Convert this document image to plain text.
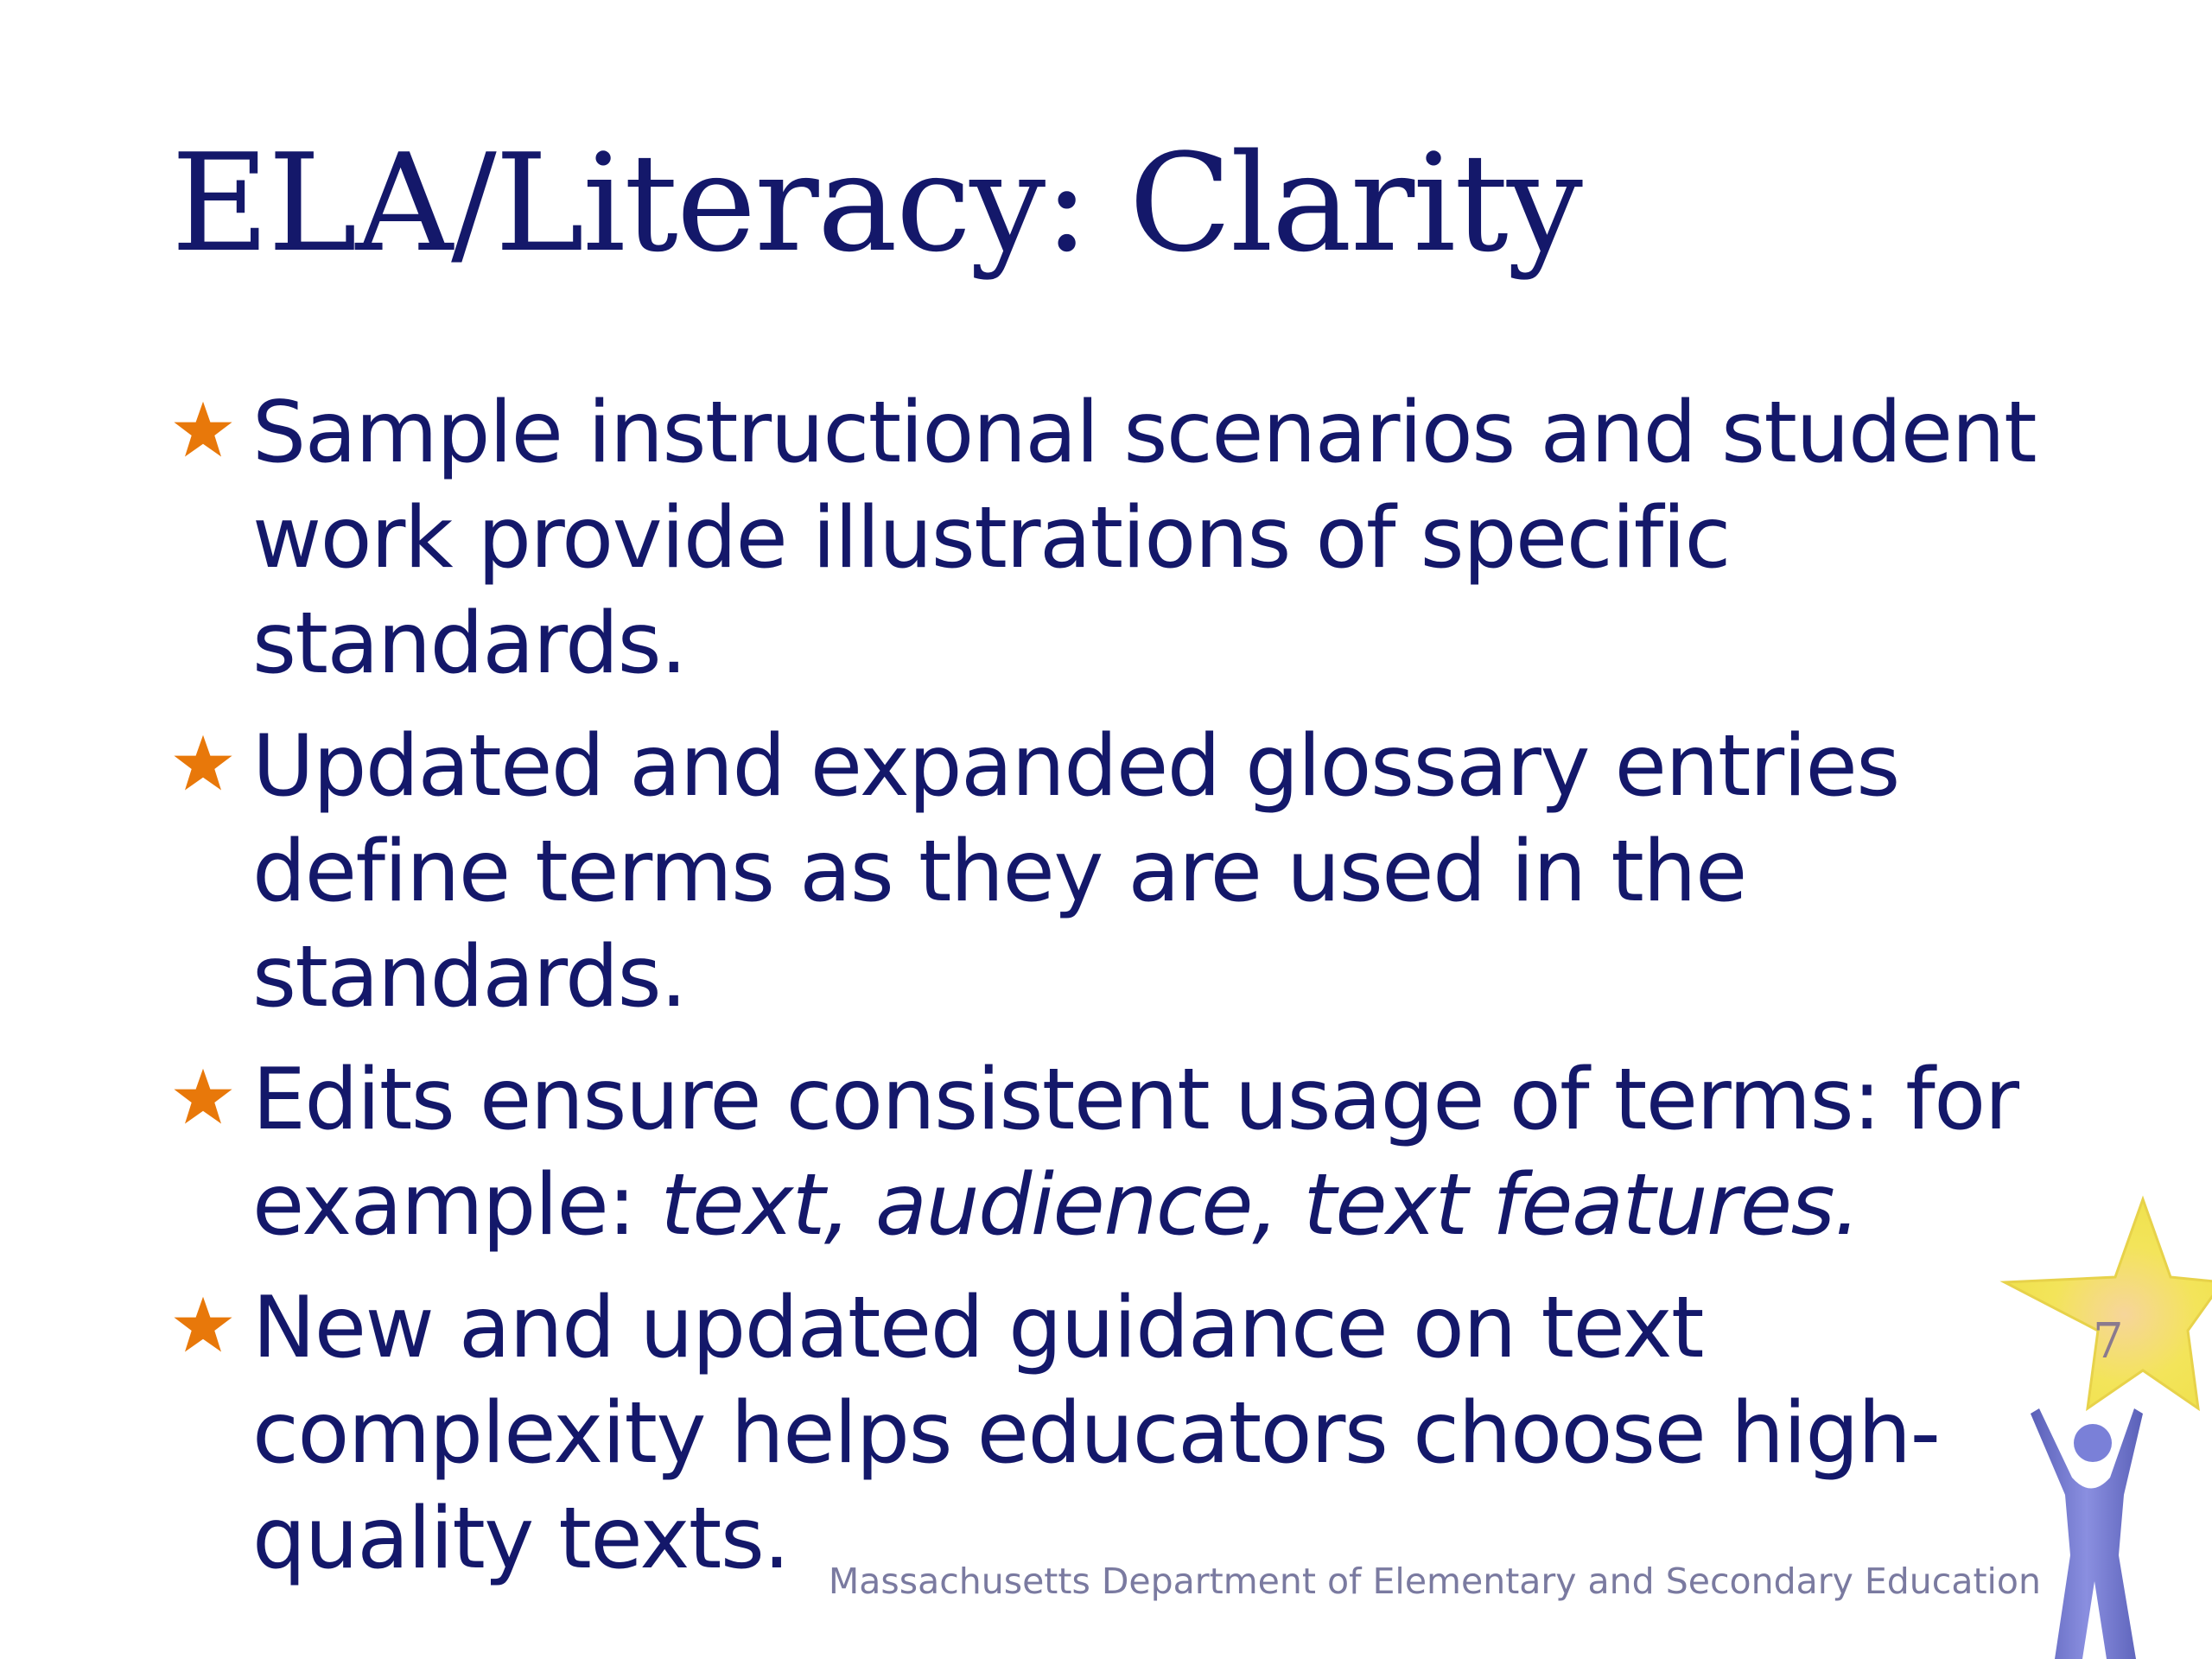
ELA/Literacy: Clarity
Sample instructional scenarios and student work provide illustrations of specific standards.
Updated and expanded glossary entries define terms as they are used in the standards.
Edits ensure consistent usage of terms: for example: text, audience, text features.
New and updated guidance on text complexity helps educators choose high-quality texts.
7
Massachusetts Department of Elementary and Secondary Education
